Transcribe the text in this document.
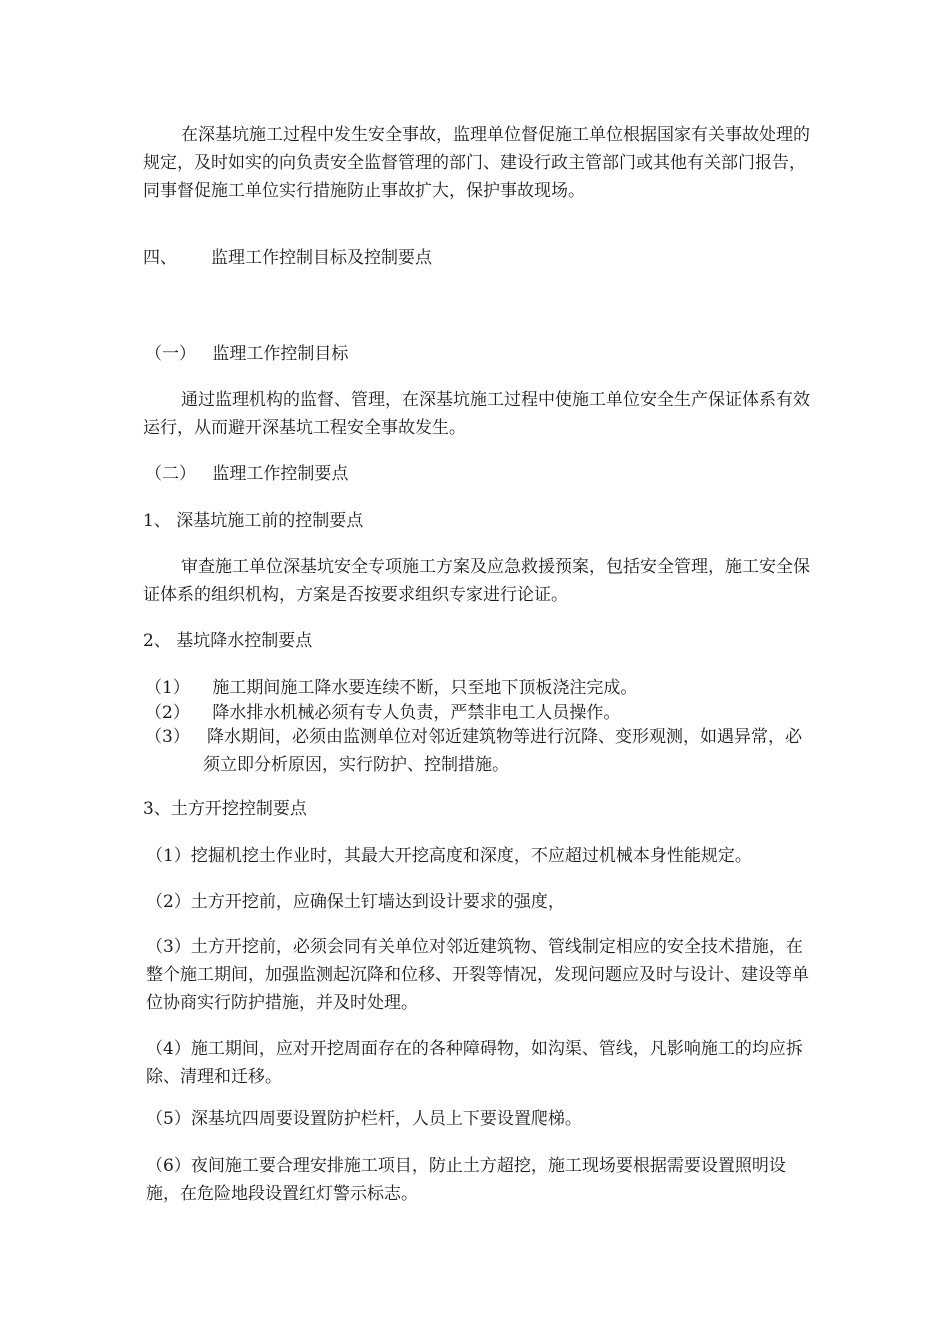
在深基坑施工过程中发生安全事故，监理单位督促施工单位根据国家有关事故处理的规定，及时如实的向负责安全监督管理的部门、建设行政主管部门或其他有关部门报告，同事督促施工单位实行措施防止事故扩大，保护事故现场。

四、	监理工作控制目标及控制要点
（一） 监理工作控制目标

通过监理机构的监督、管理，在深基坑施工过程中使施工单位安全生产保证体系有效运行，从而避开深基坑工程安全事故发生。

（二） 监理工作控制要点

1、 深基坑施工前的控制要点

审查施工单位深基坑安全专项施工方案及应急救援预案，包括安全管理，施工安全保证体系的组织机构，方案是否按要求组织专家进行论证。

2、 基坑降水控制要点

（1） 施工期间施工降水要连续不断，只至地下顶板浇注完成。
（2） 降水排水机械必须有专人负责，严禁非电工人员操作。
（3）	降水期间，必须由监测单位对邻近建筑物等进行沉降、变形观测，如遇异常，必须立即分析原因，实行防护、控制措施。

3、土方开挖控制要点

（1）挖掘机挖土作业时，其最大开挖高度和深度，不应超过机械本身性能规定。

（2）土方开挖前，应确保土钉墙达到设计要求的强度，

（3）土方开挖前，必须会同有关单位对邻近建筑物、管线制定相应的安全技术措施，在整个施工期间，加强监测起沉降和位移、开裂等情况，发现问题应及时与设计、建设等单位协商实行防护措施，并及时处理。

（4）施工期间，应对开挖周面存在的各种障碍物，如沟渠、管线，凡影响施工的均应拆除、清理和迁移。

（5）深基坑四周要设置防护栏杆，人员上下要设置爬梯。

（6）夜间施工要合理安排施工项目，防止土方超挖，施工现场要根据需要设置照明设施，在危险地段设置红灯警示标志。
